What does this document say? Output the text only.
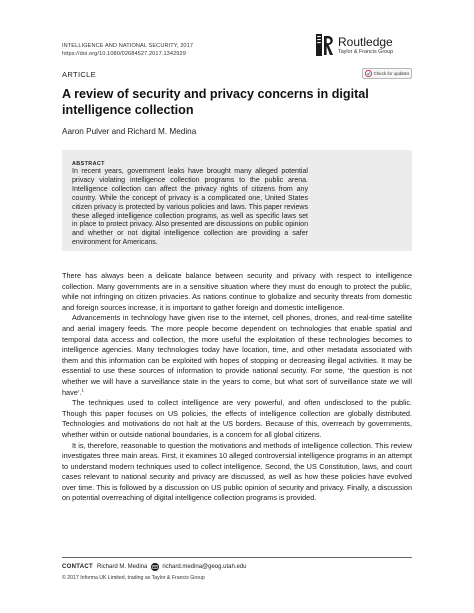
INTELLIGENCE AND NATIONAL SECURITY, 2017
https://doi.org/10.1080/02684527.2017.1342929
Routledge
Taylor & Francis Group
ARTICLE	Check for updates
A review of security and privacy concerns in digital intelligence collection
Aaron Pulver and Richard M. Medina
ABSTRACT
In recent years, government leaks have brought many alleged potential privacy violating intelligence collection programs to the public arena. Intelligence collection can affect the privacy rights of citizens from any country. While the concept of privacy is a complicated one, United States citizen privacy is protected by various policies and laws. This paper reviews these alleged intelligence collection programs, as well as specific laws set in place to protect privacy. Also presented are discussions on public opinion and whether or not digital intelligence collection are providing a safer environment for Americans.

There has always been a delicate balance between security and privacy with respect to intelligence collection. Many governments are in a sensitive situation where they must do enough to protect the public, while not infringing on citizen privacies. As nations continue to globalize and security threats from domestic and foreign sources increase, it is important to gather foreign and domestic intelligence.

Advancements in technology have given rise to the internet, cell phones, drones, and real-time satellite and aerial imagery feeds. The more people become dependent on technologies that enable spatial and temporal data access and collection, the more useful the exploitation of these technologies becomes to intelligence agencies. Many technologies today have location, time, and other metadata associated with them and this information can be exploited with hopes of stopping or decreasing illegal activities. It may be essential to use these sources of information to provide national security. For some, ‘the question is not whether we will have a surveillance state in the years to come, but what sort of surveillance state we will have’.$^1$

The techniques used to collect intelligence are very powerful, and often undisclosed to the public. Though this paper focuses on US policies, the effects of intelligence collection are globally distributed. Technologies and motivations do not halt at the US borders. Because of this, overreach by governments, whether within or outside national boundaries, is a concern for all global citizens.

It is, therefore, reasonable to question the motivations and methods of intelligence collection. This review investigates three main areas. First, it examines 10 alleged controversial intelligence programs in an attempt to understand modern techniques used to collect intelligence. Second, the US Constitution, laws, and court cases relevant to national security and privacy are discussed, as well as how these policies have evolved over time. This is followed by a discussion on US public opinion of security and privacy. Finally, a discussion on potential overreaching of digital intelligence collection programs is provided.

CONTACT Richard M. Medina	richard.medina@geog.utah.edu
© 2017 Informa UK Limited, trading as Taylor & Francis Group
